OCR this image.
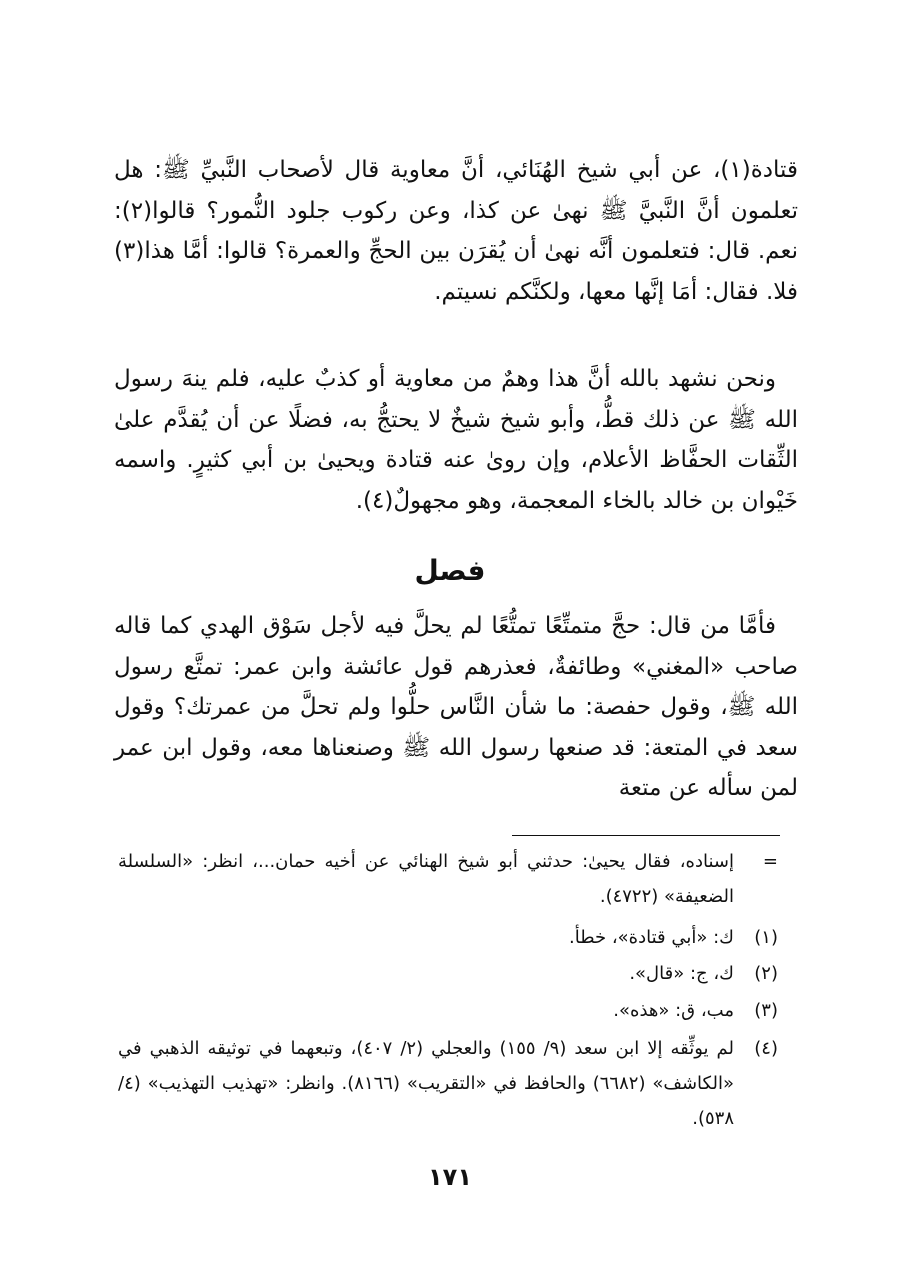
قتادة(١)، عن أبي شيخ الهُنَائي، أنَّ معاوية قال لأصحاب النَّبيِّ ﷺ: هل تعلمون أنَّ النَّبيَّ ﷺ نهىٰ عن كذا، وعن ركوب جلود النُّمور؟ قالوا(٢): نعم. قال: فتعلمون أنَّه نهىٰ أن يُقرَن بين الحجِّ والعمرة؟ قالوا: أمَّا هذا(٣) فلا. فقال: أمَا إنَّها معها، ولكنَّكم نسيتم.

ونحن نشهد بالله أنَّ هذا وهمٌ من معاوية أو كذبٌ عليه، فلم ينهَ رسول الله ﷺ عن ذلك قطُّ، وأبو شيخ شيخٌ لا يحتجُّ به، فضلًا عن أن يُقدَّم علىٰ الثِّقات الحفَّاظ الأعلام، وإن روىٰ عنه قتادة ويحيىٰ بن أبي كثيرٍ. واسمه خَيْوان بن خالد بالخاء المعجمة، وهو مجهولٌ(٤).

فصل

فأمَّا من قال: حجَّ متمتِّعًا تمتُّعًا لم يحلَّ فيه لأجل سَوْق الهدي كما قاله صاحب «المغني» وطائفةٌ، فعذرهم قول عائشة وابن عمر: تمتَّع رسول الله ﷺ، وقول حفصة: ما شأن النَّاس حلُّوا ولم تحلَّ من عمرتك؟ وقول سعد في المتعة: قد صنعها رسول الله ﷺ وصنعناها معه، وقول ابن عمر لمن سأله عن متعة

=
إسناده، فقال يحيىٰ: حدثني أبو شيخ الهنائي عن أخيه حمان...، انظر: «السلسلة الضعيفة» (٤٧٢٢).
(١)
ك: «أبي قتادة»، خطأ.
(٢)
ك، ج: «قال».
(٣)
مب، ق: «هذه».
(٤)
لم يوثِّقه إلا ابن سعد (٩/ ١٥٥) والعجلي (٢/ ٤٠٧)، وتبعهما في توثيقه الذهبي في «الكاشف» (٦٦٨٢) والحافظ في «التقريب» (٨١٦٦). وانظر: «تهذيب التهذيب» (٤/ ٥٣٨).
١٧١
